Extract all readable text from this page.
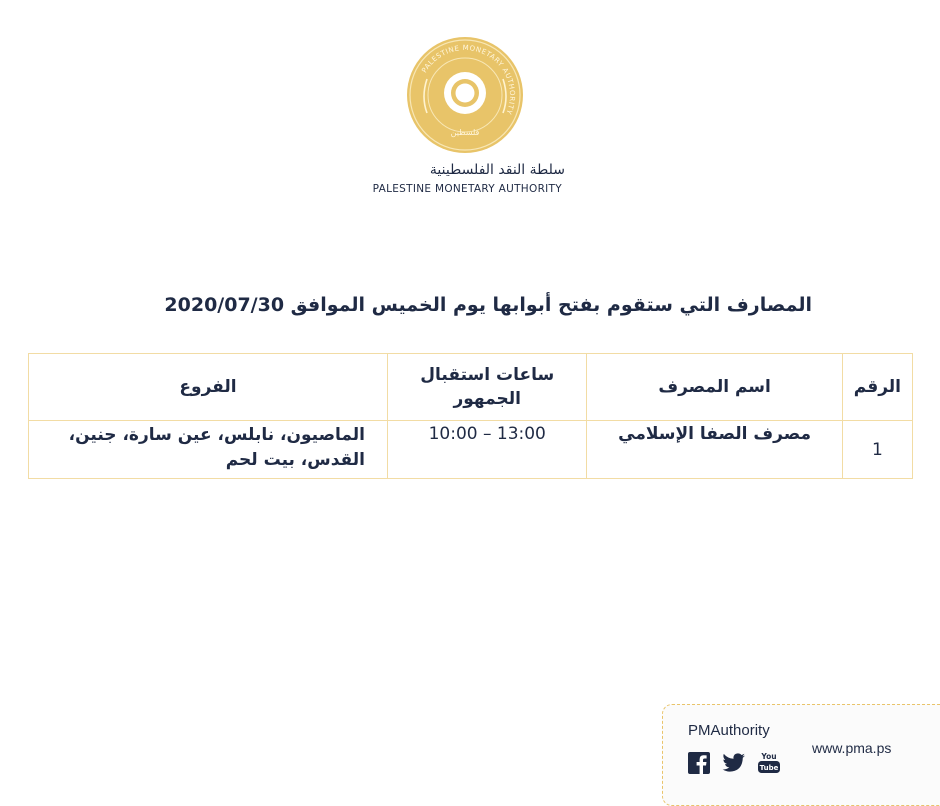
PALESTINE MONETARY AUTHORITY
فلسطين
سلطة النقد الفلسطينية
PALESTINE MONETARY AUTHORITY
المصارف التي ستقوم بفتح أبوابها يوم الخميس الموافق 2020/07/30
الرقم	اسم المصرف	ساعات استقبال الجمهور	الفروع
1	مصرف الصفا الإسلامي	10:00 – 13:00	الماصيون، نابلس، عين سارة، جنين، القدس، بيت لحم
PMAuthority
www.pma.ps
You
Tube
